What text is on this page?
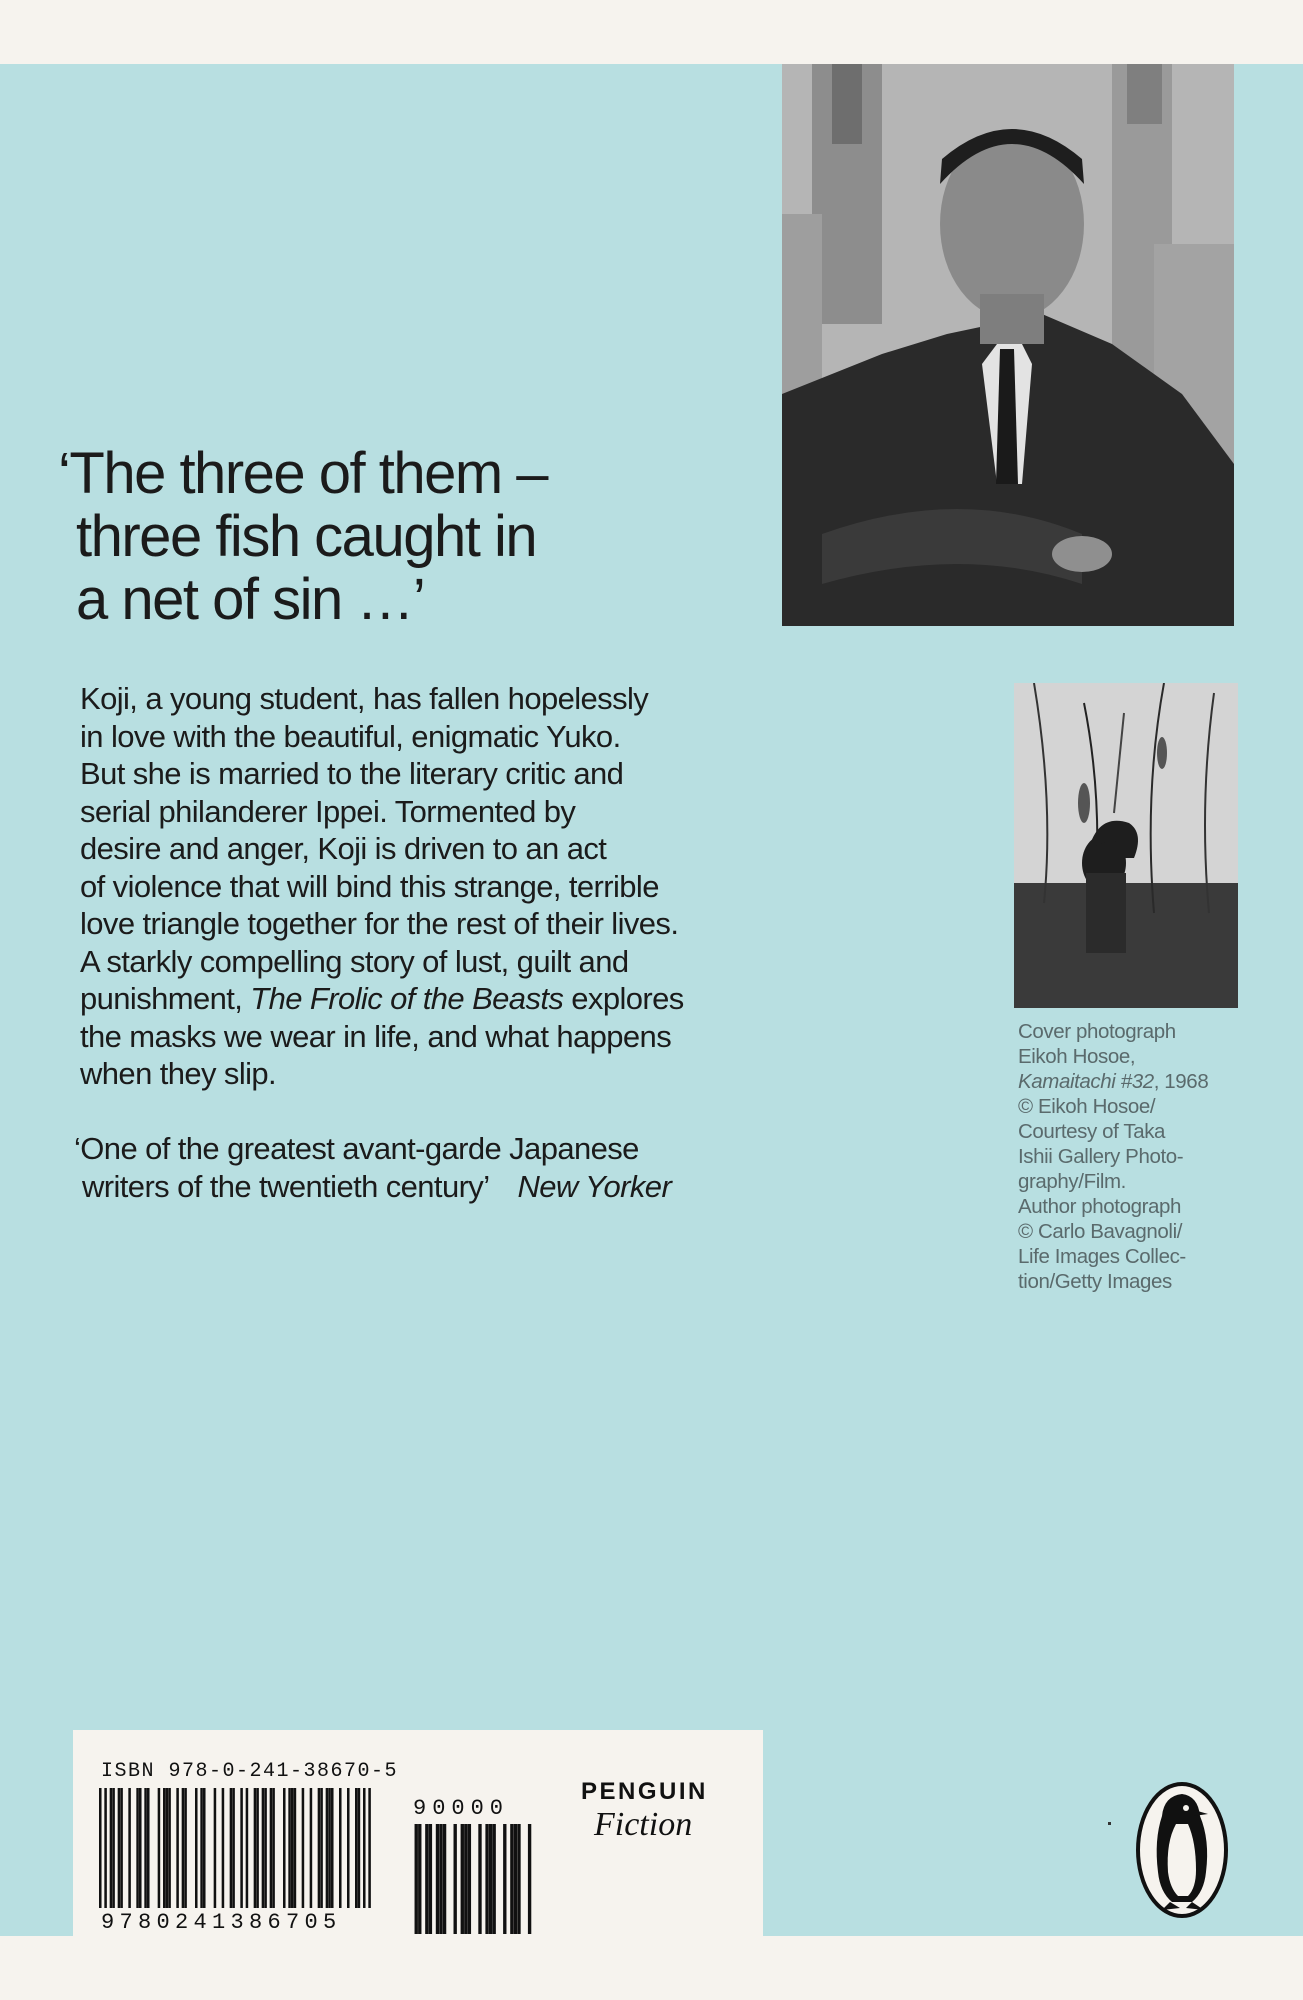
‘The three of them –
three fish caught in
a net of sin …’
Koji, a young student, has fallen hopelessly
in love with the beautiful, enigmatic Yuko.
But she is married to the literary critic and
serial philanderer Ippei. Tormented by
desire and anger, Koji is driven to an act
of violence that will bind this strange, terrible
love triangle together for the rest of their lives.
A starkly compelling story of lust, guilt and
punishment, The Frolic of the Beasts explores
the masks we wear in life, and what happens
when they slip.
‘One of the greatest avant-garde Japanese
writers of the twentieth century’ New Yorker
Cover photograph
Eikoh Hosoe,
Kamaitachi #32, 1968
© Eikoh Hosoe/
Courtesy of Taka
Ishii Gallery Photo-
graphy/Film.
Author photograph
© Carlo Bavagnoli/
Life Images Collec-
tion/Getty Images
ISBN 978-0-241-38670-5
9780241386705
90000
PENGUIN
Fiction
